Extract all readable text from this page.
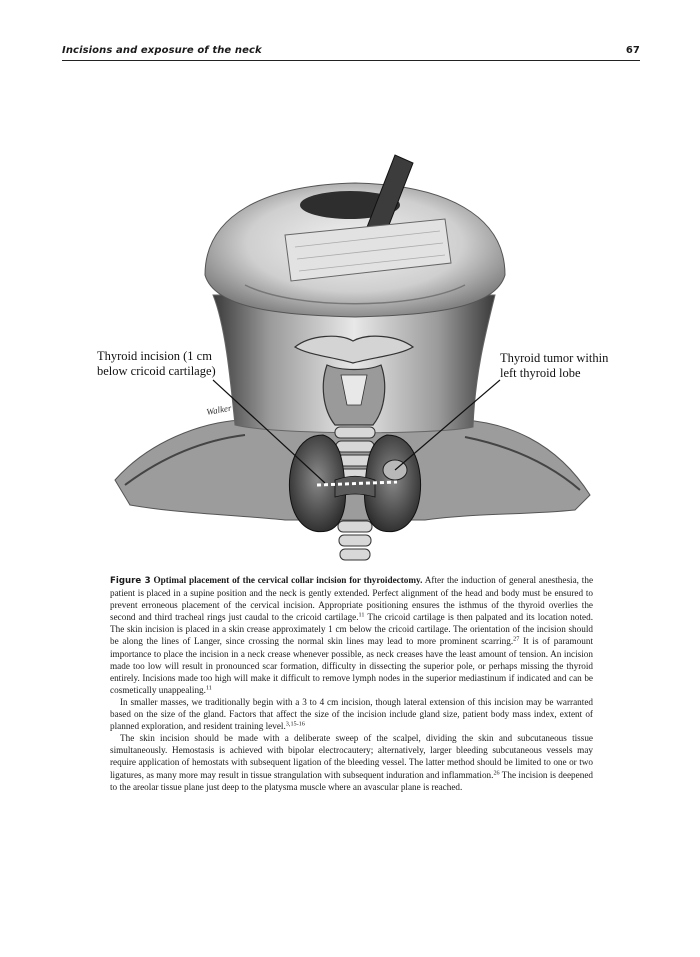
Incisions and exposure of the neck	67
Walker
Thyroid incision (1 cm
below cricoid cartilage)
Thyroid tumor within
left thyroid lobe

Figure 3 Optimal placement of the cervical collar incision for thyroidectomy. After the induction of general anesthesia, the patient is placed in a supine position and the neck is gently extended. Perfect alignment of the head and body must be ensured to prevent erroneous placement of the cervical incision. Appropriate positioning ensures the isthmus of the thyroid overlies the second and third tracheal rings just caudal to the cricoid cartilage.$^{11}$ The cricoid cartilage is then palpated and its location noted. The skin incision is placed in a skin crease approximately 1 cm below the cricoid cartilage. The orientation of the incision should be along the lines of Langer, since crossing the normal skin lines may lead to more prominent scarring.$^{27}$ It is of paramount importance to place the incision in a neck crease whenever possible, as neck creases have the least amount of tension. An incision made too low will result in pronounced scar formation, difficulty in dissecting the superior pole, or perhaps missing the thyroid entirely. Incisions made too high will make it difficult to remove lymph nodes in the superior mediastinum if indicated and can be cosmetically unappealing.$^{11}$

In smaller masses, we traditionally begin with a 3 to 4 cm incision, though lateral extension of this incision may be warranted based on the size of the gland. Factors that affect the size of the incision include gland size, patient body mass index, extent of planned exploration, and resident training level.$^{3,15-16}$

The skin incision should be made with a deliberate sweep of the scalpel, dividing the skin and subcutaneous tissue simultaneously. Hemostasis is achieved with bipolar electrocautery; alternatively, larger bleeding subcutaneous vessels may require application of hemostats with subsequent ligation of the bleeding vessel. The latter method should be limited to one or two ligatures, as many more may result in tissue strangulation with subsequent induration and inflammation.$^{26}$ The incision is deepened to the areolar tissue plane just deep to the platysma muscle where an avascular plane is reached.
